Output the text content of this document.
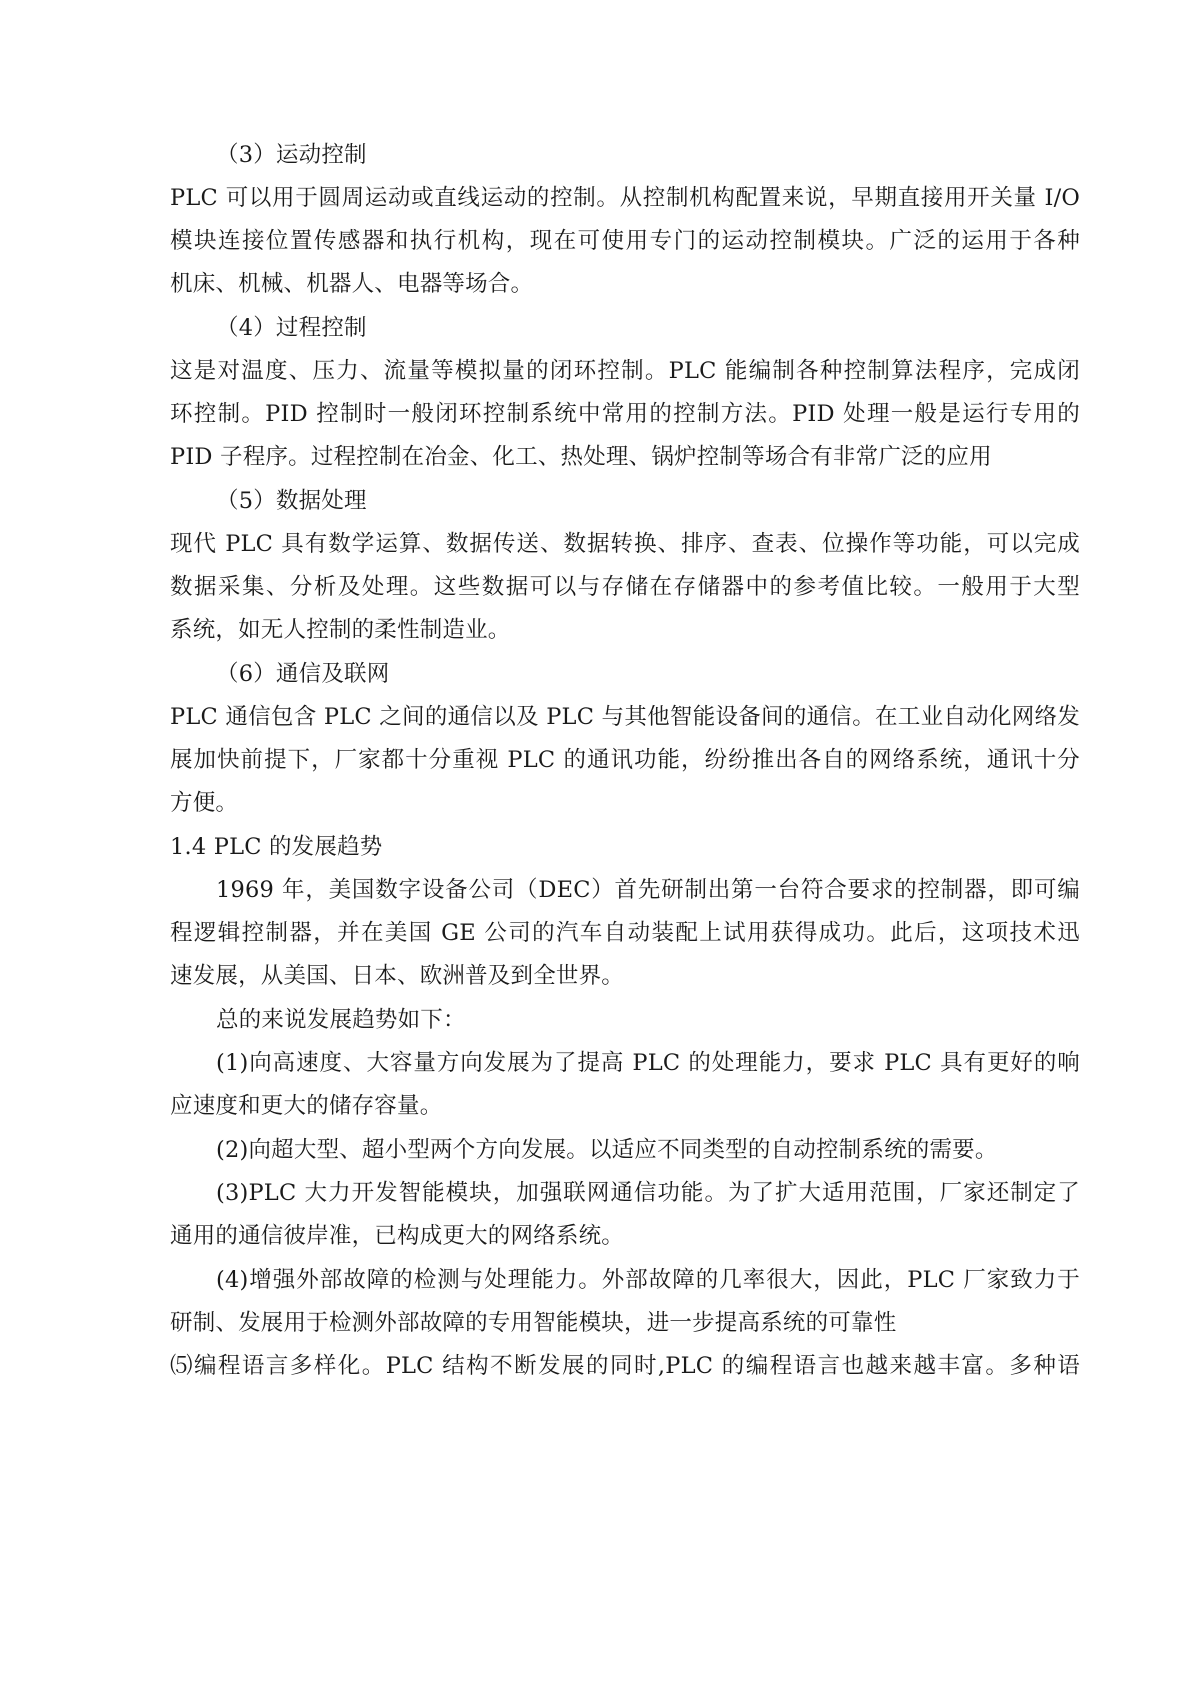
（3）运动控制
PLC 可以用于圆周运动或直线运动的控制。从控制机构配置来说，早期直接用开关量 I/O
模块连接位置传感器和执行机构，现在可使用专门的运动控制模块。广泛的运用于各种
机床、机械、机器人、电器等场合。
（4）过程控制
这是对温度、压力、流量等模拟量的闭环控制。PLC 能编制各种控制算法程序，完成闭
环控制。PID 控制时一般闭环控制系统中常用的控制方法。PID 处理一般是运行专用的
PID 子程序。过程控制在冶金、化工、热处理、锅炉控制等场合有非常广泛的应用
（5）数据处理
现代 PLC 具有数学运算、数据传送、数据转换、排序、查表、位操作等功能，可以完成
数据采集、分析及处理。这些数据可以与存储在存储器中的参考值比较。一般用于大型
系统，如无人控制的柔性制造业。
（6）通信及联网
PLC 通信包含 PLC 之间的通信以及 PLC 与其他智能设备间的通信。在工业自动化网络发
展加快前提下，厂家都十分重视 PLC 的通讯功能，纷纷推出各自的网络系统，通讯十分
方便。
1.4 PLC 的发展趋势
1969 年，美国数字设备公司（DEC）首先研制出第一台符合要求的控制器，即可编
程逻辑控制器，并在美国 GE 公司的汽车自动装配上试用获得成功。此后，这项技术迅
速发展，从美国、日本、欧洲普及到全世界。
总的来说发展趋势如下：
(1)向高速度、大容量方向发展为了提高 PLC 的处理能力，要求 PLC 具有更好的响
应速度和更大的储存容量。
(2)向超大型、超小型两个方向发展。以适应不同类型的自动控制系统的需要。
(3)PLC 大力开发智能模块，加强联网通信功能。为了扩大适用范围，厂家还制定了
通用的通信彼岸准，已构成更大的网络系统。
(4)增强外部故障的检测与处理能力。外部故障的几率很大，因此，PLC 厂家致力于
研制、发展用于检测外部故障的专用智能模块，进一步提高系统的可靠性
⑸编程语言多样化。PLC 结构不断发展的同时,PLC 的编程语言也越来越丰富。多种语
